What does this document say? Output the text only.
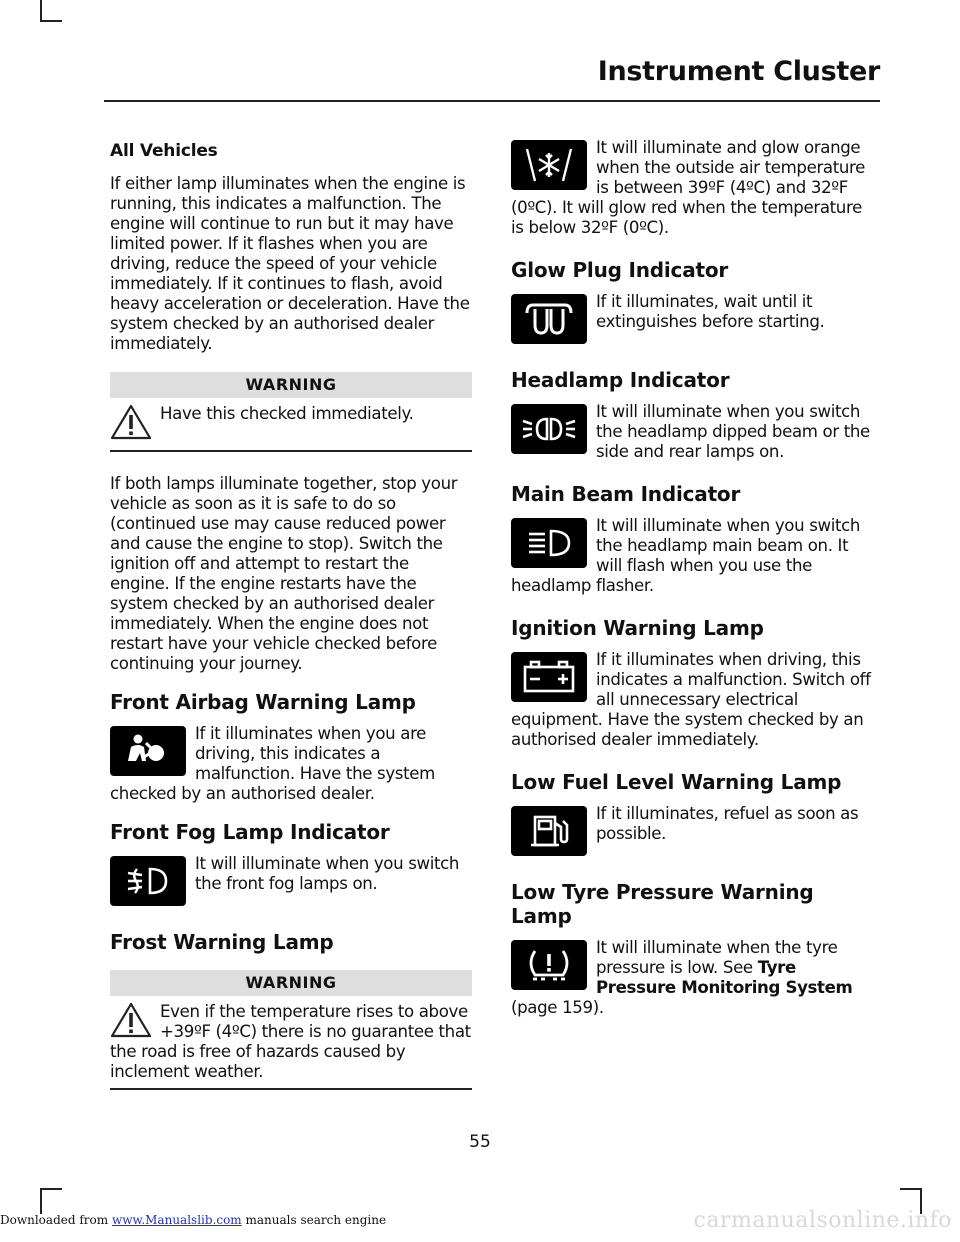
Instrument Cluster
All Vehicles

If either lamp illuminates when the engine is running, this indicates a malfunction. The engine will continue to run but it may have limited power. If it flashes when you are driving, reduce the speed of your vehicle immediately. If it continues to flash, avoid heavy acceleration or deceleration. Have the system checked by an authorised dealer immediately.

WARNING

Have this checked immediately.

If both lamps illuminate together, stop your vehicle as soon as it is safe to do so (continued use may cause reduced power and cause the engine to stop). Switch the ignition off and attempt to restart the engine. If the engine restarts have the system checked by an authorised dealer immediately. When the engine does not restart have your vehicle checked before continuing your journey.

Front Airbag Warning Lamp

If it illuminates when you are driving, this indicates a malfunction. Have the system checked by an authorised dealer.

Front Fog Lamp Indicator

It will illuminate when you switch the front fog lamps on.

Frost Warning Lamp
WARNING

Even if the temperature rises to above +39ºF (4ºC) there is no guarantee that the road is free of hazards caused by inclement weather.

It will illuminate and glow orange when the outside air temperature is between 39ºF (4ºC) and 32ºF (0ºC). It will glow red when the temperature is below 32ºF (0ºC).

Glow Plug Indicator

If it illuminates, wait until it extinguishes before starting.

Headlamp Indicator

It will illuminate when you switch the headlamp dipped beam or the side and rear lamps on.

Main Beam Indicator

It will illuminate when you switch the headlamp main beam on. It will flash when you use the headlamp flasher.

Ignition Warning Lamp

If it illuminates when driving, this indicates a malfunction. Switch off all unnecessary electrical equipment. Have the system checked by an authorised dealer immediately.

Low Fuel Level Warning Lamp

If it illuminates, refuel as soon as possible.

Low Tyre Pressure Warning Lamp

It will illuminate when the tyre pressure is low. See Tyre Pressure Monitoring System (page 159).

55
Downloaded from www.Manualslib.com manuals search engine	carmanualsonline.info
